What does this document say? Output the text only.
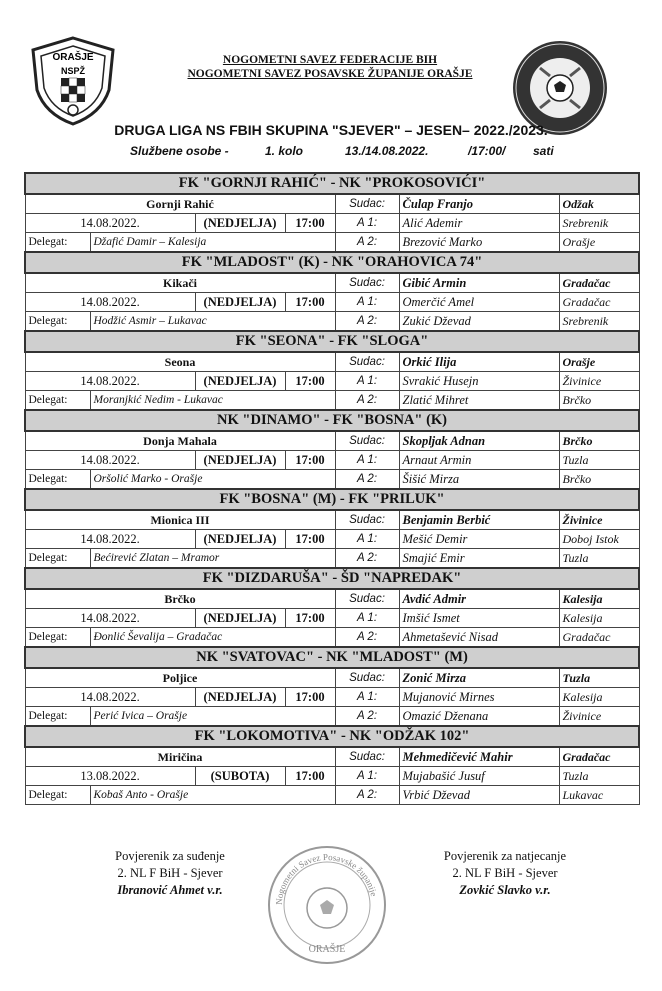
ORAŠJE
NSPŽ
NOGOMETNI SAVEZ FEDERACIJE BIH
NOGOMETNI SAVEZ POSAVSKE ŽUPANIJE ORAŠJE
DRUGA LIGA NS FBIH SKUPINA "SJEVER" – JESEN– 2022./2023.
Službene osobe -	1. kolo	13./14.08.2022.	/17:00/ sati
FK "GORNJI RAHIĆ" - NK "PROKOSOVIĆI"						
Gornji Rahić				Sudac:	Čulap Franjo	Odžak
14.08.2022.		(NEDJELJA)	17:00	A 1:	Alić Ademir	Srebrenik
Delegat:	Džafić Damir – Kalesija			A 2:	Brezović Marko	Orašje
FK "MLADOST" (K) - NK "ORAHOVICA 74"						
Kikači				Sudac:	Gibić Armin	Gradačac
14.08.2022.		(NEDJELJA)	17:00	A 1:	Omerčić Amel	Gradačac
Delegat:	Hodžić Asmir – Lukavac			A 2:	Zukić Dževad	Srebrenik
FK "SEONA" - FK "SLOGA"						
Seona				Sudac:	Orkić Ilija	Orašje
14.08.2022.		(NEDJELJA)	17:00	A 1:	Svrakić Husejn	Živinice
Delegat:	Moranjkić Nedim - Lukavac			A 2:	Zlatić Mihret	Brčko
NK "DINAMO" - FK "BOSNA" (K)						
Donja Mahala				Sudac:	Skopljak Adnan	Brčko
14.08.2022.		(NEDJELJA)	17:00	A 1:	Arnaut Armin	Tuzla
Delegat:	Oršolić Marko - Orašje			A 2:	Šišić Mirza	Brčko
FK "BOSNA" (M) - FK "PRILUK"						
Mionica III				Sudac:	Benjamin Berbić	Živinice
14.08.2022.		(NEDJELJA)	17:00	A 1:	Mešić Demir	Doboj Istok
Delegat:	Bećirević Zlatan – Mramor			A 2:	Smajić Emir	Tuzla
FK "DIZDARUŠA" - ŠD "NAPREDAK"						
Brčko				Sudac:	Avdić Admir	Kalesija
14.08.2022.		(NEDJELJA)	17:00	A 1:	Imšić Ismet	Kalesija
Delegat:	Đonlić Ševalija – Gradačac			A 2:	Ahmetašević Nisad	Gradačac
NK "SVATOVAC" - NK "MLADOST" (M)						
Poljice				Sudac:	Zonić Mirza	Tuzla
14.08.2022.		(NEDJELJA)	17:00	A 1:	Mujanović Mirnes	Kalesija
Delegat:	Perić Ivica – Orašje			A 2:	Omazić Dženana	Živinice
FK "LOKOMOTIVA" - NK "ODŽAK 102"						
Miričina				Sudac:	Mehmedičević Mahir	Gradačac
13.08.2022.		(SUBOTA)	17:00	A 1:	Mujabašić Jusuf	Tuzla
Delegat:	Kobaš Anto - Orašje			A 2:	Vrbić Dževad	Lukavac
Povjerenik za suđenje
2. NL F BiH - Sjever
Ibranović Ahmet v.r.
Nogometni Savez Posavske županije
ORAŠJE
Povjerenik za natjecanje
2. NL F BiH - Sjever
Zovkić Slavko v.r.
